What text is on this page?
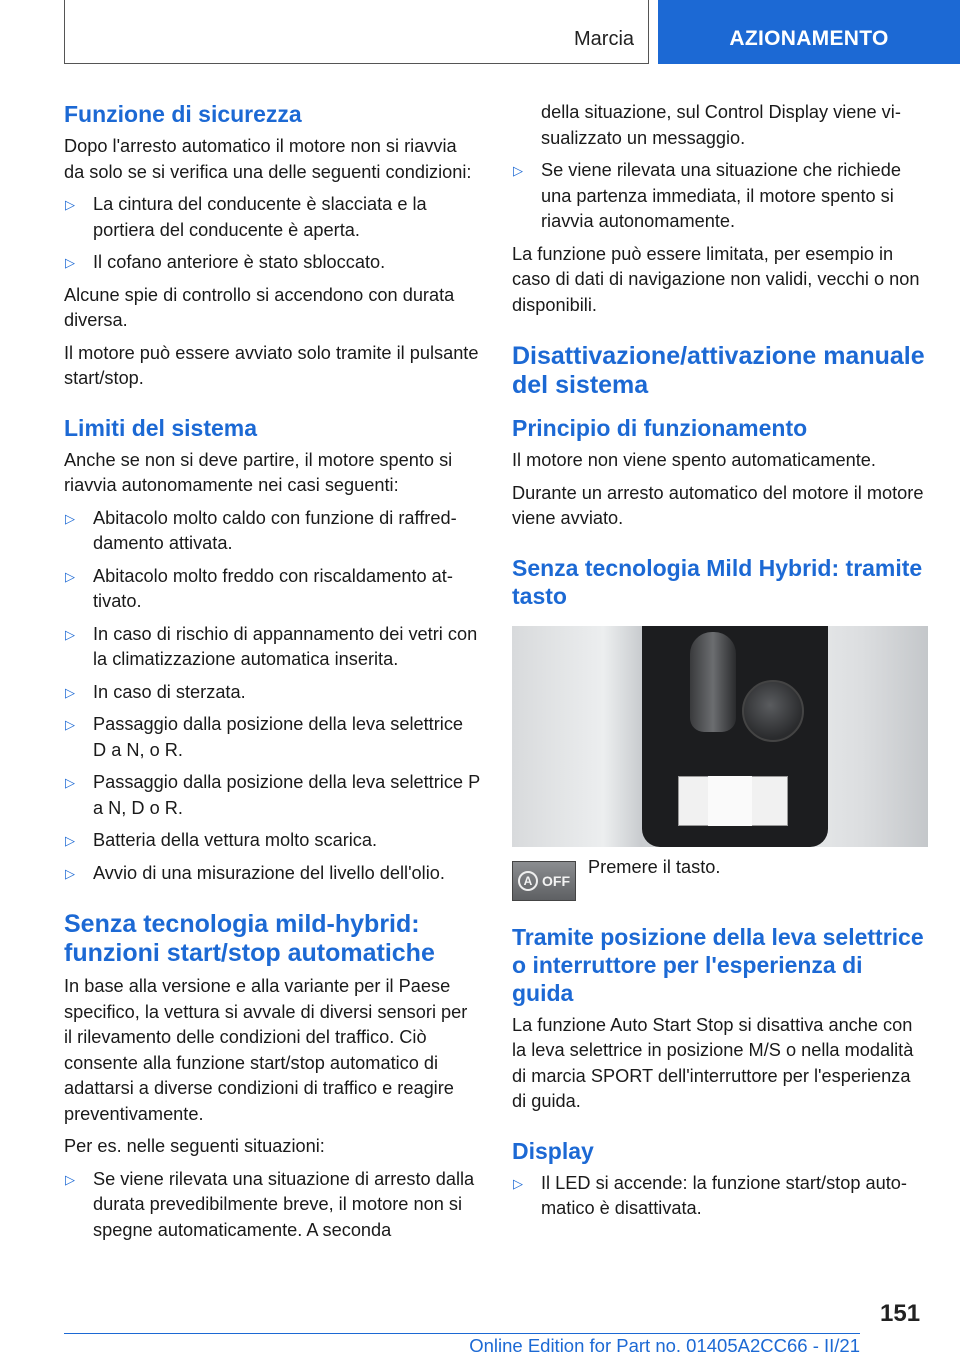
Marcia	AZIONAMENTO
Funzione di sicurezza

Dopo l'arresto automatico il motore non si riavvia da solo se si verifica una delle seguenti condizioni:

▷ La cintura del conducente è slacciata e la portiera del conducente è aperta.
▷ Il cofano anteriore è stato sbloccato.

Alcune spie di controllo si accendono con durata diversa.

Il motore può essere avviato solo tramite il pulsante start/stop.

Limiti del sistema

Anche se non si deve partire, il motore spento si riavvia autonomamente nei casi seguenti:

▷ Abitacolo molto caldo con funzione di raffreddamento attivata.
▷ Abitacolo molto freddo con riscaldamento attivato.
▷ In caso di rischio di appannamento dei vetri con la climatizzazione automatica inserita.
▷ In caso di sterzata.
▷ Passaggio dalla posizione della leva selettrice D a N, o R.
▷ Passaggio dalla posizione della leva selettrice P a N, D o R.
▷ Batteria della vettura molto scarica.
▷ Avvio di una misurazione del livello dell'olio.
Senza tecnologia mild-hybrid: funzioni start/stop automatiche

In base alla versione e alla variante per il Paese specifico, la vettura si avvale di diversi sensori per il rilevamento delle condizioni del traffico. Ciò consente alla funzione start/stop automatico di adattarsi a diverse condizioni di traffico e reagire preventivamente.

Per es. nelle seguenti situazioni:

▷ Se viene rilevata una situazione di arresto dalla durata prevedibilmente breve, il motore non si spegne automaticamente. A seconda

della situazione, sul Control Display viene visualizzato un messaggio.

▷ Se viene rilevata una situazione che richiede una partenza immediata, il motore spento si riavvia autonomamente.

La funzione può essere limitata, per esempio in caso di dati di navigazione non validi, vecchi o non disponibili.

Disattivazione/attivazione manuale del sistema
Principio di funzionamento

Il motore non viene spento automaticamente.

Durante un arresto automatico del motore il motore viene avviato.

Senza tecnologia Mild Hybrid: tramite tasto
A OFF
Premere il tasto.
Tramite posizione della leva selettrice o interruttore per l'esperienza di guida

La funzione Auto Start Stop si disattiva anche con la leva selettrice in posizione M/S o nella modalità di marcia SPORT dell'interruttore per l'esperienza di guida.

Display
▷ Il LED si accende: la funzione start/stop automatico è disattivata.
151
Online Edition for Part no. 01405A2CC66 - II/21
